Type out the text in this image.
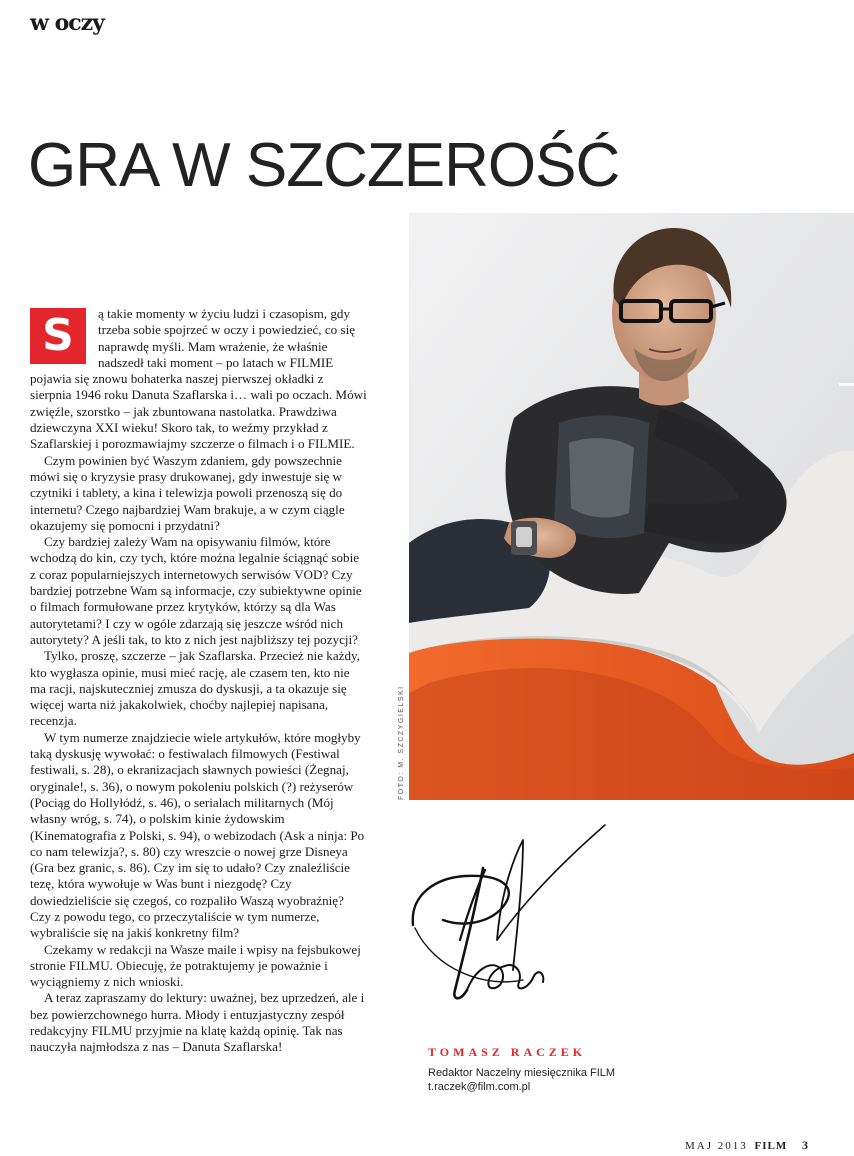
w oczy
GRA W SZCZEROŚĆ
FOTO: M. SZCZYGIELSKI

S	ą takie momenty w życiu ludzi i czasopism, gdy trzeba sobie spojrzeć w oczy i powiedzieć, co się naprawdę myśli. Mam wrażenie, że właśnie nadszedł taki moment – po latach w FILMIE pojawia się znowu bohaterka naszej pierwszej okładki z sierpnia 1946 roku Danuta Szaflarska i… wali po oczach. Mówi zwięźle, szorstko – jak zbuntowana nastolatka. Prawdziwa dziewczyna XXI wieku! Skoro tak, to weźmy przykład z Szaflarskiej i porozmawiajmy szczerze o filmach i o FILMIE.

Czym powinien być Waszym zdaniem, gdy powszechnie mówi się o kryzysie prasy drukowanej, gdy inwestuje się w czytniki i tablety, a kina i telewizja powoli przenoszą się do internetu? Czego najbardziej Wam brakuje, a w czym ciągle okazujemy się pomocni i przydatni?

Czy bardziej zależy Wam na opisywaniu filmów, które wchodzą do kin, czy tych, które można legalnie ściągnąć sobie z coraz popularniejszych internetowych serwisów VOD? Czy bardziej potrzebne Wam są informacje, czy subiektywne opinie o filmach formułowane przez krytyków, którzy są dla Was autorytetami? I czy w ogóle zdarzają się jeszcze wśród nich autorytety? A jeśli tak, to kto z nich jest najbliższy tej pozycji?

Tylko, proszę, szczerze – jak Szaflarska. Przecież nie każdy, kto wygłasza opinie, musi mieć rację, ale czasem ten, kto nie ma racji, najskuteczniej zmusza do dyskusji, a ta okazuje się więcej warta niż jakakolwiek, choćby najlepiej napisana, recenzja.

W tym numerze znajdziecie wiele artykułów, które mogłyby taką dyskusję wywołać: o festiwalach filmowych (Festiwal festiwali, s. 28), o ekranizacjach sławnych powieści (Żegnaj, oryginale!, s. 36), o nowym pokoleniu polskich (?) reżyserów (Pociąg do Hollyłódź, s. 46), o serialach militarnych (Mój własny wróg, s. 74), o polskim kinie żydowskim (Kinematografia z Polski, s. 94), o webizodach (Ask a ninja: Po co nam telewizja?, s. 80) czy wreszcie o nowej grze Disneya (Gra bez granic, s. 86). Czy im się to udało? Czy znaleźliście tezę, która wywołuje w Was bunt i niezgodę? Czy dowiedzieliście się czegoś, co rozpaliło Waszą wyobraźnię? Czy z powodu tego, co przeczytaliście w tym numerze, wybraliście się na jakiś konkretny film?

Czekamy w redakcji na Wasze maile i wpisy na fejsbukowej stronie FILMU. Obiecuję, że potraktujemy je poważnie i wyciągniemy z nich wnioski.

A teraz zapraszamy do lektury: uważnej, bez uprzedzeń, ale i bez powierzchownego hurra. Młody i entuzjastyczny zespół redakcyjny FILMU przyjmie na klatę każdą opinię. Tak nas nauczyła najmłodsza z nas – Danuta Szaflarska!	TOMASZ RACZEK
Redaktor Naczelny miesięcznika FILM
t.raczek@film.com.pl
MAJ 2013 FILM 3
